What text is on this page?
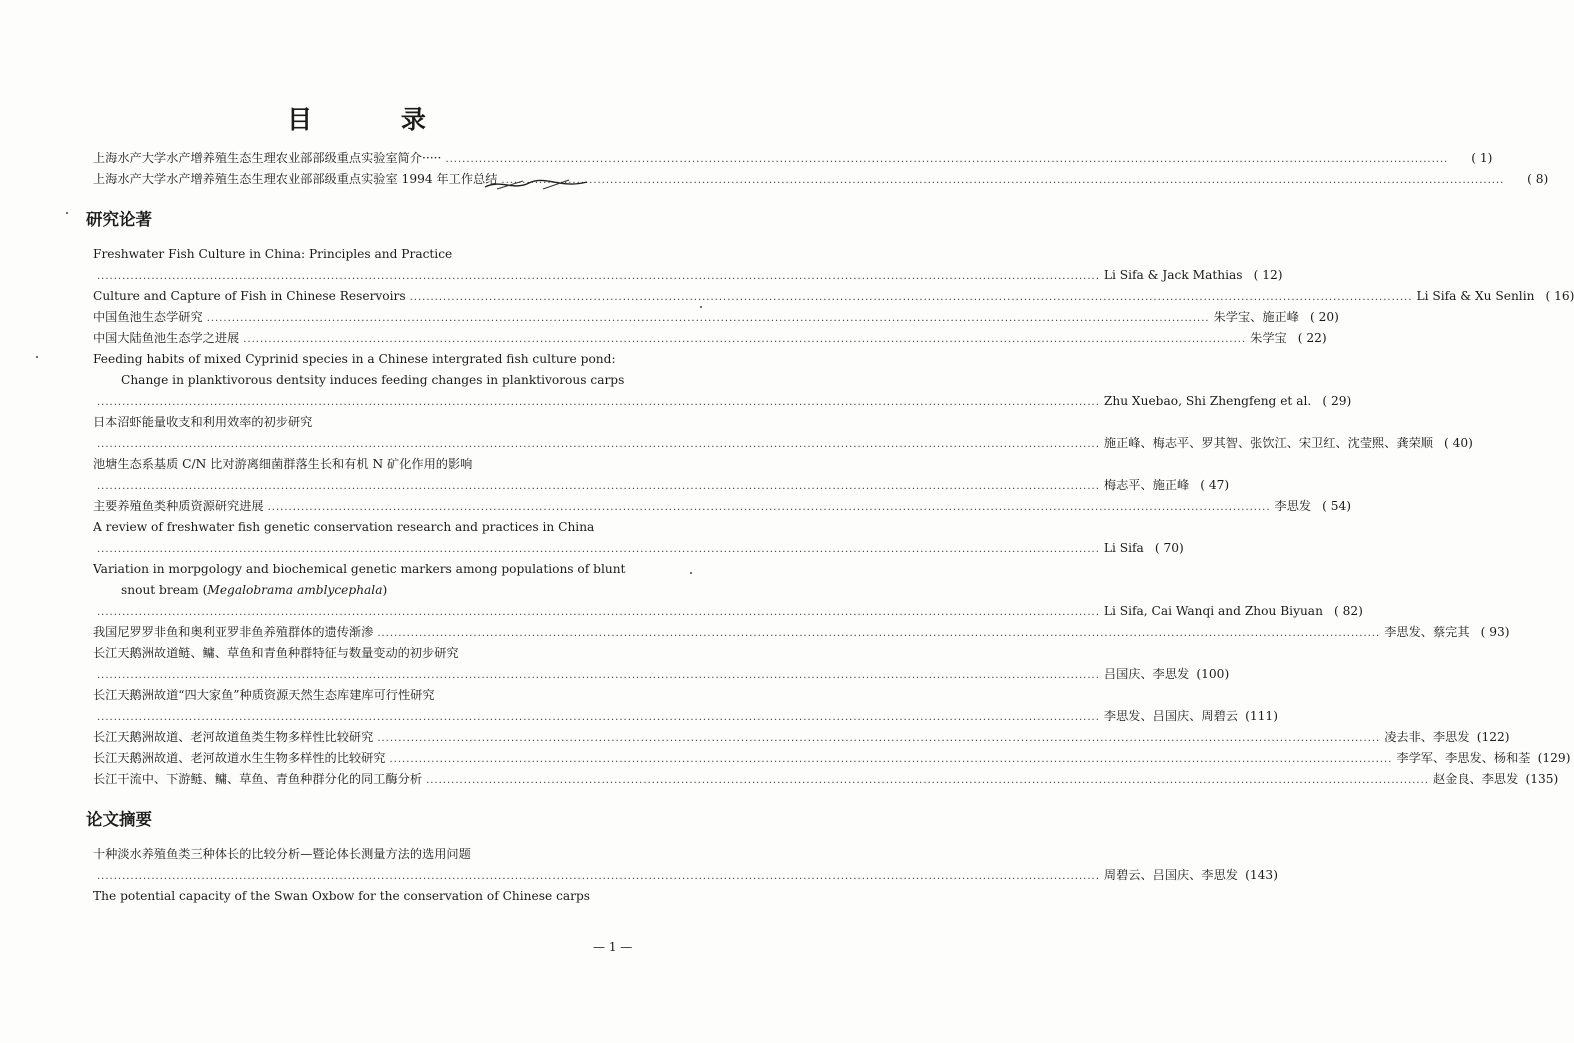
目 录
上海水产大学水产增养殖生态生理农业部部级重点实验室简介····· .....	( 1)
上海水产大学水产增养殖生态生理农业部部级重点实验室 1994 年工作总结 .....	( 8)
研究论著
Freshwater Fish Culture in China: Principles and Practice
.....
Li Sifa & Jack Mathias ( 12)
Culture and Capture of Fish in Chinese Reservoirs .....	Li Sifa & Xu Senlin ( 16)
中国鱼池生态学研究 .....	朱学宝、施正峰 ( 20)
中国大陆鱼池生态学之进展 .....	朱学宝 ( 22)
Feeding habits of mixed Cyprinid species in a Chinese intergrated fish culture pond:
Change in planktivorous dentsity induces feeding changes in planktivorous carps
.....
Zhu Xuebao, Shi Zhengfeng et al. ( 29)
日本沼虾能量收支和利用效率的初步研究
.....
施正峰、梅志平、罗其智、张饮江、宋卫红、沈莹煕、龚荣顺 ( 40)
池塘生态系基质 C/N 比对游离细菌群落生长和有机 N 矿化作用的影响
.....
梅志平、施正峰 ( 47)
主要养殖鱼类种质资源研究进展 .....	李思发 ( 54)
A review of freshwater fish genetic conservation research and practices in China
.....
Li Sifa ( 70)
Variation in morpgology and biochemical genetic markers among populations of blunt
snout bream (Megalobrama amblycephala)
.....
Li Sifa, Cai Wanqi and Zhou Biyuan ( 82)
我国尼罗罗非鱼和奥利亚罗非鱼养殖群体的遗传渐渗 .....	李思发、蔡完其 ( 93)
长江天鹅洲故道鲢、鳙、草鱼和青鱼种群特征与数量变动的初步研究
.....
吕国庆、李思发 (100)
长江天鹅洲故道“四大家鱼”种质资源天然生态库建库可行性研究
.....
李思发、吕国庆、周碧云 (111)
长江天鹅洲故道、老河故道鱼类生物多样性比较研究 .....	凌去非、李思发 (122)
长江天鹅洲故道、老河故道水生生物多样性的比较研究 .....	李学军、李思发、杨和荃 (129)
长江干流中、下游鲢、鳙、草鱼、青鱼种群分化的同工酶分析 .....	赵金良、李思发 (135)
论文摘要
十种淡水养殖鱼类三种体长的比较分析—暨论体长测量方法的选用问题
.....
周碧云、吕国庆、李思发 (143)
The potential capacity of the Swan Oxbow for the conservation of Chinese carps
— 1 —
